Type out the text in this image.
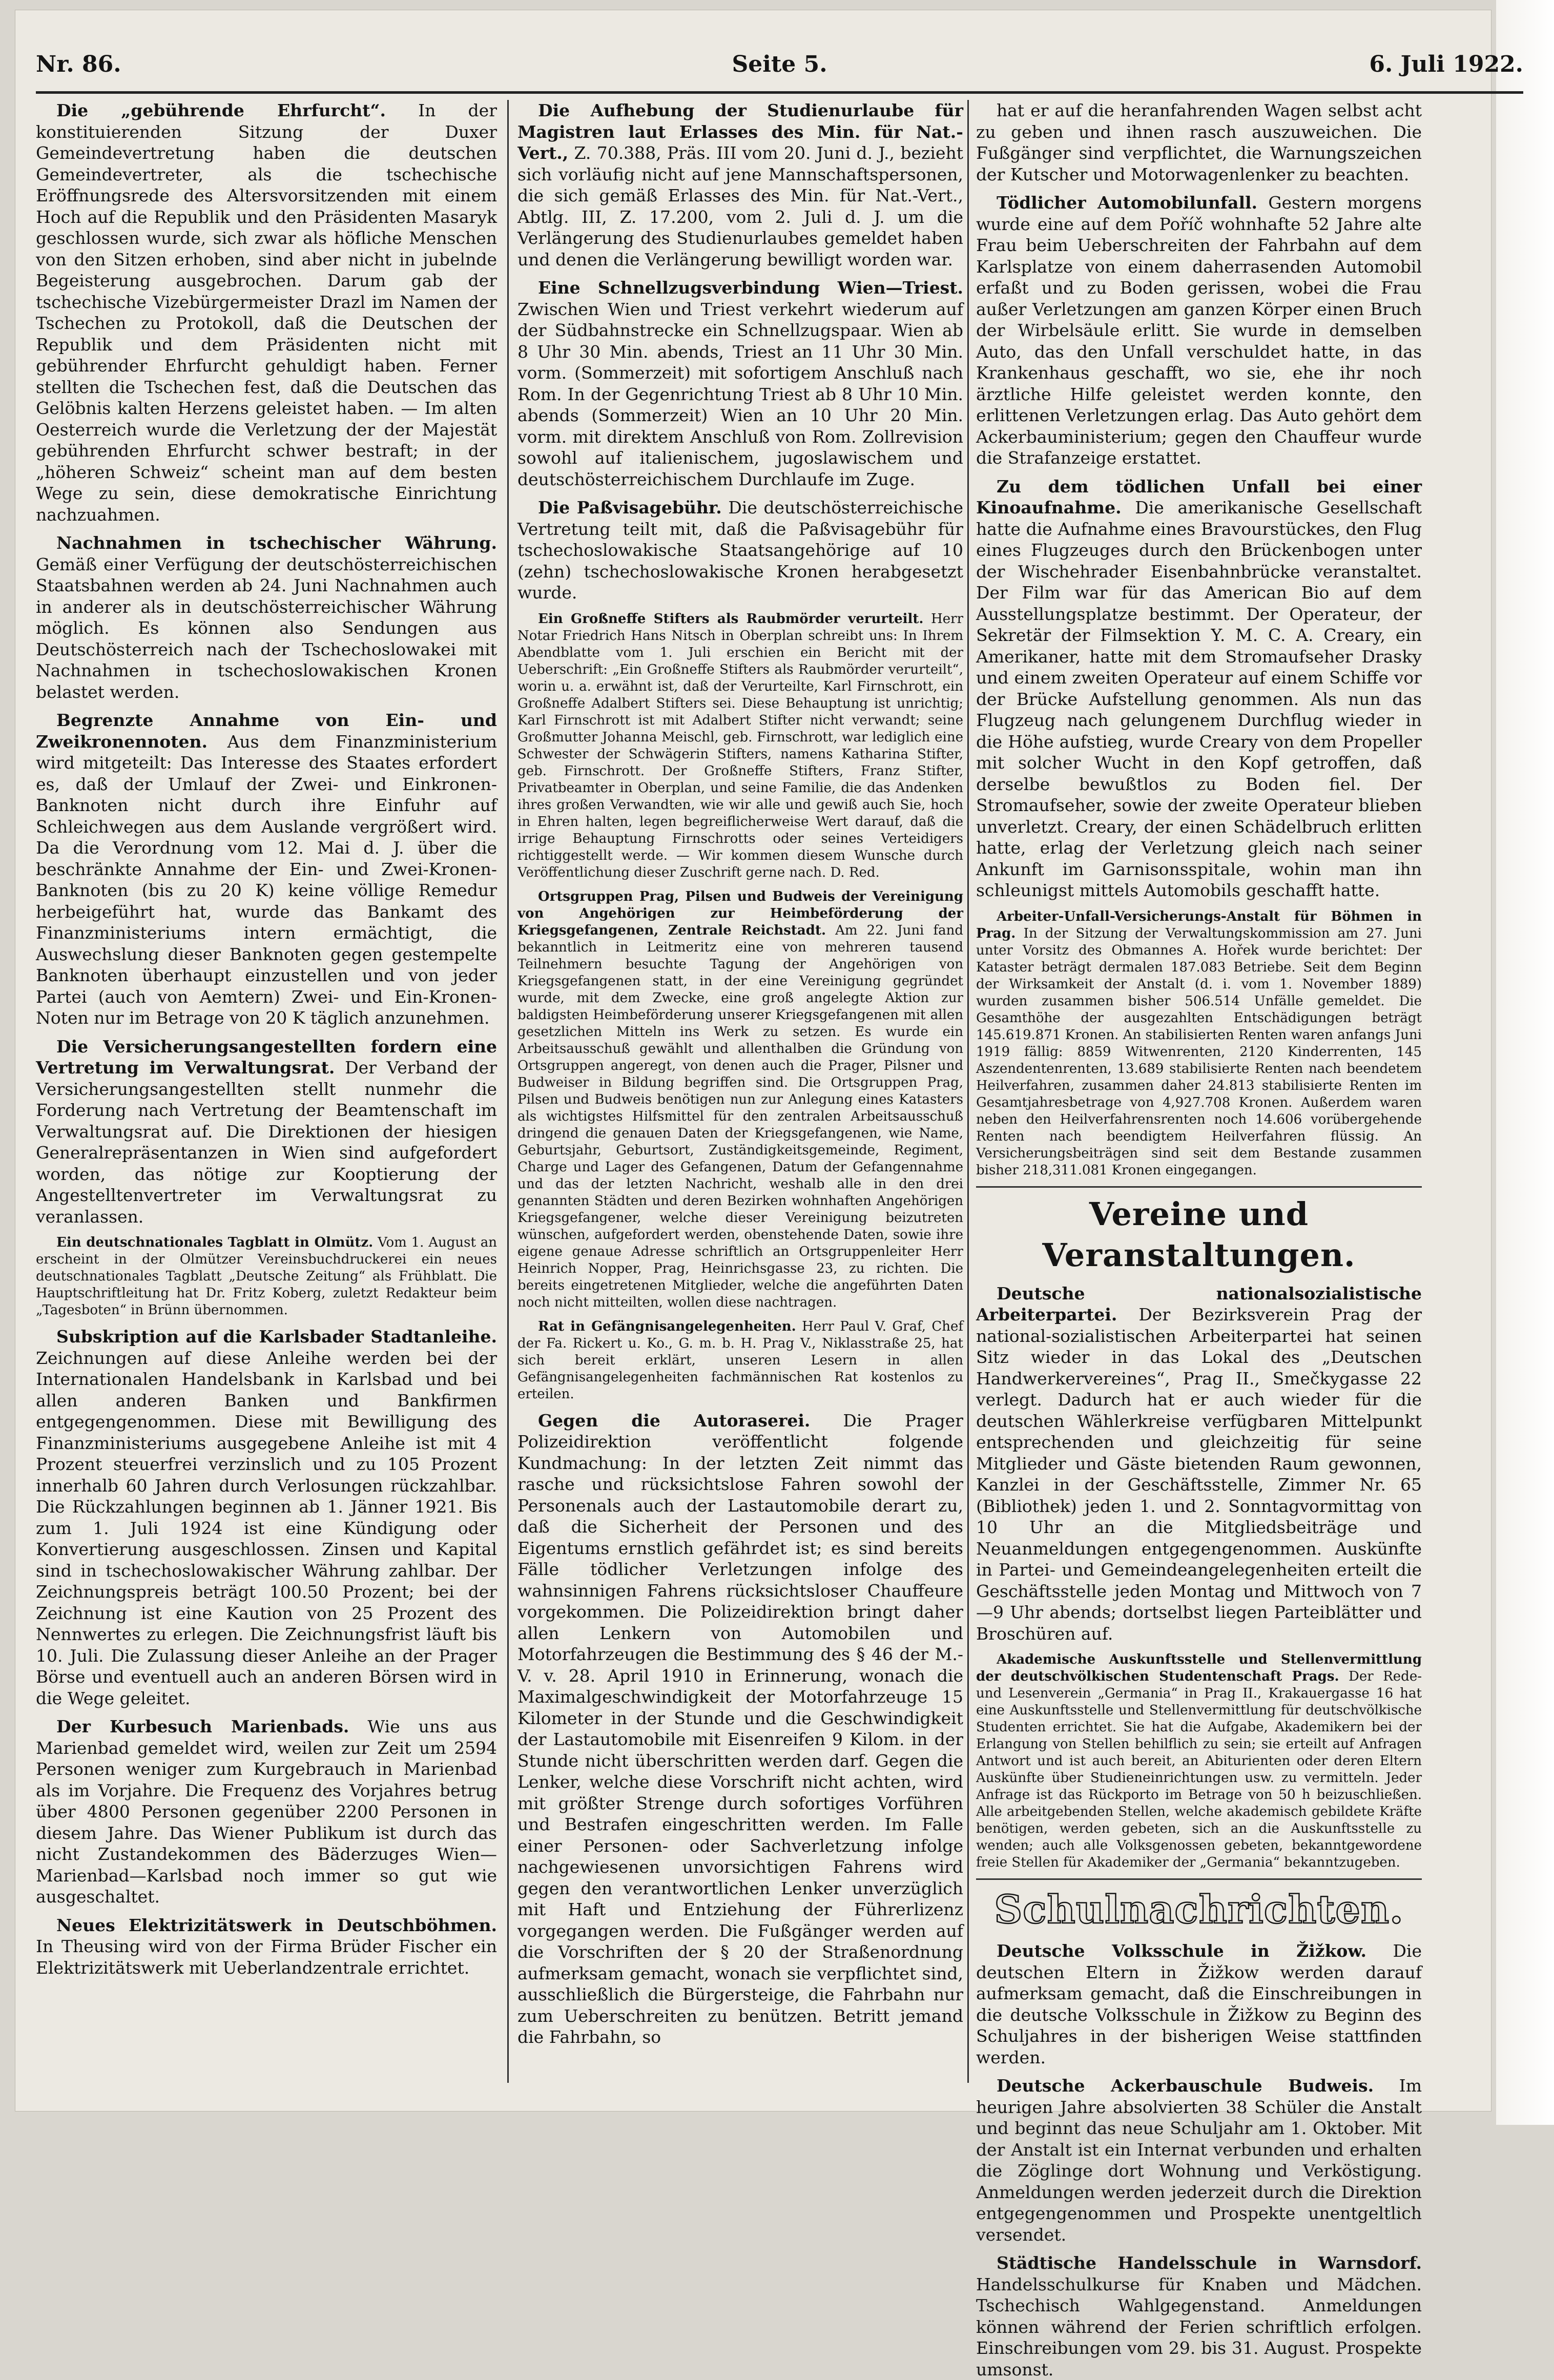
Nr. 86.	Seite 5.	6. Juli 1922.

Die „gebührende Ehrfurcht“. In der konstituierenden Sitzung der Duxer Gemeindevertretung haben die deutschen Gemeindevertreter, als die tschechische Eröffnungsrede des Altersvorsitzenden mit einem Hoch auf die Republik und den Präsidenten Masaryk geschlossen wurde, sich zwar als höfliche Menschen von den Sitzen erhoben, sind aber nicht in jubelnde Begeisterung ausgebrochen. Darum gab der tschechische Vizebürgermeister Drazl im Namen der Tschechen zu Protokoll, daß die Deutschen der Republik und dem Präsidenten nicht mit gebührender Ehrfurcht gehuldigt haben. Ferner stellten die Tschechen fest, daß die Deutschen das Gelöbnis kalten Herzens geleistet haben. — Im alten Oesterreich wurde die Verletzung der der Majestät gebührenden Ehrfurcht schwer bestraft; in der „höheren Schweiz“ scheint man auf dem besten Wege zu sein, diese demokratische Einrichtung nachzuahmen.

Nachnahmen in tschechischer Währung. Gemäß einer Verfügung der deutschösterreichischen Staatsbahnen werden ab 24. Juni Nachnahmen auch in anderer als in deutschösterreichischer Währung möglich. Es können also Sendungen aus Deutschösterreich nach der Tschechoslowakei mit Nachnahmen in tschechoslowakischen Kronen belastet werden.

Begrenzte Annahme von Ein- und Zweikronennoten. Aus dem Finanzministerium wird mitgeteilt: Das Interesse des Staates erfordert es, daß der Umlauf der Zwei- und Einkronen-Banknoten nicht durch ihre Einfuhr auf Schleichwegen aus dem Auslande vergrößert wird. Da die Verordnung vom 12. Mai d. J. über die beschränkte Annahme der Ein- und Zwei-Kronen-Banknoten (bis zu 20 K) keine völlige Remedur herbeigeführt hat, wurde das Bankamt des Finanzministeriums intern ermächtigt, die Auswechslung dieser Banknoten gegen gestempelte Banknoten überhaupt einzustellen und von jeder Partei (auch von Aemtern) Zwei- und Ein-Kronen-Noten nur im Betrage von 20 K täglich anzunehmen.

Die Versicherungsangestellten fordern eine Vertretung im Verwaltungsrat. Der Verband der Versicherungsangestellten stellt nunmehr die Forderung nach Vertretung der Beamtenschaft im Verwaltungsrat auf. Die Direktionen der hiesigen Generalrepräsentanzen in Wien sind aufgefordert worden, das nötige zur Kooptierung der Angestelltenvertreter im Verwaltungsrat zu veranlassen.

Ein deutschnationales Tagblatt in Olmütz. Vom 1. August an erscheint in der Olmützer Vereinsbuchdruckerei ein neues deutschnationales Tagblatt „Deutsche Zeitung“ als Frühblatt. Die Hauptschriftleitung hat Dr. Fritz Koberg, zuletzt Redakteur beim „Tagesboten“ in Brünn übernommen.

Subskription auf die Karlsbader Stadtanleihe. Zeichnungen auf diese Anleihe werden bei der Internationalen Handelsbank in Karlsbad und bei allen anderen Banken und Bankfirmen entgegengenommen. Diese mit Bewilligung des Finanzministeriums ausgegebene Anleihe ist mit 4 Prozent steuerfrei verzinslich und zu 105 Prozent innerhalb 60 Jahren durch Verlosungen rückzahlbar. Die Rückzahlungen beginnen ab 1. Jänner 1921. Bis zum 1. Juli 1924 ist eine Kündigung oder Konvertierung ausgeschlossen. Zinsen und Kapital sind in tschechoslowakischer Währung zahlbar. Der Zeichnungspreis beträgt 100.50 Prozent; bei der Zeichnung ist eine Kaution von 25 Prozent des Nennwertes zu erlegen. Die Zeichnungsfrist läuft bis 10. Juli. Die Zulassung dieser Anleihe an der Prager Börse und eventuell auch an anderen Börsen wird in die Wege geleitet.

Der Kurbesuch Marienbads. Wie uns aus Marienbad gemeldet wird, weilen zur Zeit um 2594 Personen weniger zum Kurgebrauch in Marienbad als im Vorjahre. Die Frequenz des Vorjahres betrug über 4800 Personen gegenüber 2200 Personen in diesem Jahre. Das Wiener Publikum ist durch das nicht Zustandekommen des Bäderzuges Wien—Marienbad—Karlsbad noch immer so gut wie ausgeschaltet.

Neues Elektrizitätswerk in Deutschböhmen. In Theusing wird von der Firma Brüder Fischer ein Elektrizitätswerk mit Ueberlandzentrale errichtet.

Die Aufhebung der Studienurlaube für Magistren laut Erlasses des Min. für Nat.-Vert., Z. 70.388, Präs. III vom 20. Juni d. J., bezieht sich vorläufig nicht auf jene Mannschaftspersonen, die sich gemäß Erlasses des Min. für Nat.-Vert., Abtlg. III, Z. 17.200, vom 2. Juli d. J. um die Verlängerung des Studienurlaubes gemeldet haben und denen die Verlängerung bewilligt worden war.

Eine Schnellzugsverbindung Wien—Triest. Zwischen Wien und Triest verkehrt wiederum auf der Südbahnstrecke ein Schnellzugspaar. Wien ab 8 Uhr 30 Min. abends, Triest an 11 Uhr 30 Min. vorm. (Sommerzeit) mit sofortigem Anschluß nach Rom. In der Gegenrichtung Triest ab 8 Uhr 10 Min. abends (Sommerzeit) Wien an 10 Uhr 20 Min. vorm. mit direktem Anschluß von Rom. Zollrevision sowohl auf italienischem, jugoslawischem und deutschösterreichischem Durchlaufe im Zuge.

Die Paßvisagebühr. Die deutschösterreichische Vertretung teilt mit, daß die Paßvisagebühr für tschechoslowakische Staatsangehörige auf 10 (zehn) tschechoslowakische Kronen herabgesetzt wurde.

Ein Großneffe Stifters als Raubmörder verurteilt. Herr Notar Friedrich Hans Nitsch in Oberplan schreibt uns: In Ihrem Abendblatte vom 1. Juli erschien ein Bericht mit der Ueberschrift: „Ein Großneffe Stifters als Raubmörder verurteilt“, worin u. a. erwähnt ist, daß der Verurteilte, Karl Firnschrott, ein Großneffe Adalbert Stifters sei. Diese Behauptung ist unrichtig; Karl Firnschrott ist mit Adalbert Stifter nicht verwandt; seine Großmutter Johanna Meischl, geb. Firnschrott, war lediglich eine Schwester der Schwägerin Stifters, namens Katharina Stifter, geb. Firnschrott. Der Großneffe Stifters, Franz Stifter, Privatbeamter in Oberplan, und seine Familie, die das Andenken ihres großen Verwandten, wie wir alle und gewiß auch Sie, hoch in Ehren halten, legen begreiflicherweise Wert darauf, daß die irrige Behauptung Firnschrotts oder seines Verteidigers richtiggestellt werde. — Wir kommen diesem Wunsche durch Veröffentlichung dieser Zuschrift gerne nach. D. Red.

Ortsgruppen Prag, Pilsen und Budweis der Vereinigung von Angehörigen zur Heimbeförderung der Kriegsgefangenen, Zentrale Reichstadt. Am 22. Juni fand bekanntlich in Leitmeritz eine von mehreren tausend Teilnehmern besuchte Tagung der Angehörigen von Kriegsgefangenen statt, in der eine Vereinigung gegründet wurde, mit dem Zwecke, eine groß angelegte Aktion zur baldigsten Heimbeförderung unserer Kriegsgefangenen mit allen gesetzlichen Mitteln ins Werk zu setzen. Es wurde ein Arbeitsausschuß gewählt und allenthalben die Gründung von Ortsgruppen angeregt, von denen auch die Prager, Pilsner und Budweiser in Bildung begriffen sind. Die Ortsgruppen Prag, Pilsen und Budweis benötigen nun zur Anlegung eines Katasters als wichtigstes Hilfsmittel für den zentralen Arbeitsausschuß dringend die genauen Daten der Kriegsgefangenen, wie Name, Geburtsjahr, Geburtsort, Zuständigkeitsgemeinde, Regiment, Charge und Lager des Gefangenen, Datum der Gefangennahme und das der letzten Nachricht, weshalb alle in den drei genannten Städten und deren Bezirken wohnhaften Angehörigen Kriegsgefangener, welche dieser Vereinigung beizutreten wünschen, aufgefordert werden, obenstehende Daten, sowie ihre eigene genaue Adresse schriftlich an Ortsgruppenleiter Herr Heinrich Nopper, Prag, Heinrichsgasse 23, zu richten. Die bereits eingetretenen Mitglieder, welche die angeführten Daten noch nicht mitteilten, wollen diese nachtragen.

Rat in Gefängnisangelegenheiten. Herr Paul V. Graf, Chef der Fa. Rickert u. Ko., G. m. b. H. Prag V., Niklasstraße 25, hat sich bereit erklärt, unseren Lesern in allen Gefängnisangelegenheiten fachmännischen Rat kostenlos zu erteilen.

Gegen die Autoraserei. Die Prager Polizeidirektion veröffentlicht folgende Kundmachung: In der letzten Zeit nimmt das rasche und rücksichtslose Fahren sowohl der Personenals auch der Lastautomobile derart zu, daß die Sicherheit der Personen und des Eigentums ernstlich gefährdet ist; es sind bereits Fälle tödlicher Verletzungen infolge des wahnsinnigen Fahrens rücksichtsloser Chauffeure vorgekommen. Die Polizeidirektion bringt daher allen Lenkern von Automobilen und Motorfahrzeugen die Bestimmung des § 46 der M.-V. v. 28. April 1910 in Erinnerung, wonach die Maximalgeschwindigkeit der Motorfahrzeuge 15 Kilometer in der Stunde und die Geschwindigkeit der Lastautomobile mit Eisenreifen 9 Kilom. in der Stunde nicht überschritten werden darf. Gegen die Lenker, welche diese Vorschrift nicht achten, wird mit größter Strenge durch sofortiges Vorführen und Bestrafen eingeschritten werden. Im Falle einer Personen- oder Sachverletzung infolge nachgewiesenen unvorsichtigen Fahrens wird gegen den verantwortlichen Lenker unverzüglich mit Haft und Entziehung der Führerlizenz vorgegangen werden. Die Fußgänger werden auf die Vorschriften der § 20 der Straßenordnung aufmerksam gemacht, wonach sie verpflichtet sind, ausschließlich die Bürgersteige, die Fahrbahn nur zum Ueberschreiten zu benützen. Betritt jemand die Fahrbahn, so

hat er auf die heranfahrenden Wagen selbst acht zu geben und ihnen rasch auszuweichen. Die Fußgänger sind verpflichtet, die Warnungszeichen der Kutscher und Motorwagenlenker zu beachten.

Tödlicher Automobilunfall. Gestern morgens wurde eine auf dem Poříč wohnhafte 52 Jahre alte Frau beim Ueberschreiten der Fahrbahn auf dem Karlsplatze von einem daherrasenden Automobil erfaßt und zu Boden gerissen, wobei die Frau außer Verletzungen am ganzen Körper einen Bruch der Wirbelsäule erlitt. Sie wurde in demselben Auto, das den Unfall verschuldet hatte, in das Krankenhaus geschafft, wo sie, ehe ihr noch ärztliche Hilfe geleistet werden konnte, den erlittenen Verletzungen erlag. Das Auto gehört dem Ackerbauministerium; gegen den Chauffeur wurde die Strafanzeige erstattet.

Zu dem tödlichen Unfall bei einer Kinoaufnahme. Die amerikanische Gesellschaft hatte die Aufnahme eines Bravourstückes, den Flug eines Flugzeuges durch den Brückenbogen unter der Wischehrader Eisenbahnbrücke veranstaltet. Der Film war für das American Bio auf dem Ausstellungsplatze bestimmt. Der Operateur, der Sekretär der Filmsektion Y. M. C. A. Creary, ein Amerikaner, hatte mit dem Stromaufseher Drasky und einem zweiten Operateur auf einem Schiffe vor der Brücke Aufstellung genommen. Als nun das Flugzeug nach gelungenem Durchflug wieder in die Höhe aufstieg, wurde Creary von dem Propeller mit solcher Wucht in den Kopf getroffen, daß derselbe bewußtlos zu Boden fiel. Der Stromaufseher, sowie der zweite Operateur blieben unverletzt. Creary, der einen Schädelbruch erlitten hatte, erlag der Verletzung gleich nach seiner Ankunft im Garnisonsspitale, wohin man ihn schleunigst mittels Automobils geschafft hatte.

Arbeiter-Unfall-Versicherungs-Anstalt für Böhmen in Prag. In der Sitzung der Verwaltungskommission am 27. Juni unter Vorsitz des Obmannes A. Hořek wurde berichtet: Der Kataster beträgt dermalen 187.083 Betriebe. Seit dem Beginn der Wirksamkeit der Anstalt (d. i. vom 1. November 1889) wurden zusammen bisher 506.514 Unfälle gemeldet. Die Gesamthöhe der ausgezahlten Entschädigungen beträgt 145.619.871 Kronen. An stabilisierten Renten waren anfangs Juni 1919 fällig: 8859 Witwenrenten, 2120 Kinderrenten, 145 Aszendentenrenten, 13.689 stabilisierte Renten nach beendetem Heilverfahren, zusammen daher 24.813 stabilisierte Renten im Gesamtjahresbetrage von 4,927.708 Kronen. Außerdem waren neben den Heilverfahrensrenten noch 14.606 vorübergehende Renten nach beendigtem Heilverfahren flüssig. An Versicherungsbeiträgen sind seit dem Bestande zusammen bisher 218,311.081 Kronen eingegangen.

Vereine und Veranstaltungen.

Deutsche nationalsozialistische Arbeiterpartei. Der Bezirksverein Prag der national-sozialistischen Arbeiterpartei hat seinen Sitz wieder in das Lokal des „Deutschen Handwerkervereines“, Prag II., Smečkygasse 22 verlegt. Dadurch hat er auch wieder für die deutschen Wählerkreise verfügbaren Mittelpunkt entsprechenden und gleichzeitig für seine Mitglieder und Gäste bietenden Raum gewonnen, Kanzlei in der Geschäftsstelle, Zimmer Nr. 65 (Bibliothek) jeden 1. und 2. Sonntagvormittag von 10 Uhr an die Mitgliedsbeiträge und Neuanmeldungen entgegengenommen. Auskünfte in Partei- und Gemeindeangelegenheiten erteilt die Geschäftsstelle jeden Montag und Mittwoch von 7—9 Uhr abends; dortselbst liegen Parteiblätter und Broschüren auf.

Akademische Auskunftsstelle und Stellenvermittlung der deutschvölkischen Studentenschaft Prags. Der Rede- und Lesenverein „Germania“ in Prag II., Krakauergasse 16 hat eine Auskunftsstelle und Stellenvermittlung für deutschvölkische Studenten errichtet. Sie hat die Aufgabe, Akademikern bei der Erlangung von Stellen behilflich zu sein; sie erteilt auf Anfragen Antwort und ist auch bereit, an Abiturienten oder deren Eltern Auskünfte über Studieneinrichtungen usw. zu vermitteln. Jeder Anfrage ist das Rückporto im Betrage von 50 h beizuschließen. Alle arbeitgebenden Stellen, welche akademisch gebildete Kräfte benötigen, werden gebeten, sich an die Auskunftsstelle zu wenden; auch alle Volksgenossen gebeten, bekanntgewordene freie Stellen für Akademiker der „Germania“ bekanntzugeben.

Schulnachrichten.

Deutsche Volksschule in Žižkow. Die deutschen Eltern in Žižkow werden darauf aufmerksam gemacht, daß die Einschreibungen in die deutsche Volksschule in Žižkow zu Beginn des Schuljahres in der bisherigen Weise stattfinden werden.

Deutsche Ackerbauschule Budweis. Im heurigen Jahre absolvierten 38 Schüler die Anstalt und beginnt das neue Schuljahr am 1. Oktober. Mit der Anstalt ist ein Internat verbunden und erhalten die Zöglinge dort Wohnung und Verköstigung. Anmeldungen werden jederzeit durch die Direktion entgegengenommen und Prospekte unentgeltlich versendet.

Städtische Handelsschule in Warnsdorf. Handelsschulkurse für Knaben und Mädchen. Tschechisch Wahlgegenstand. Anmeldungen können während der Ferien schriftlich erfolgen. Einschreibungen vom 29. bis 31. August. Prospekte umsonst.
